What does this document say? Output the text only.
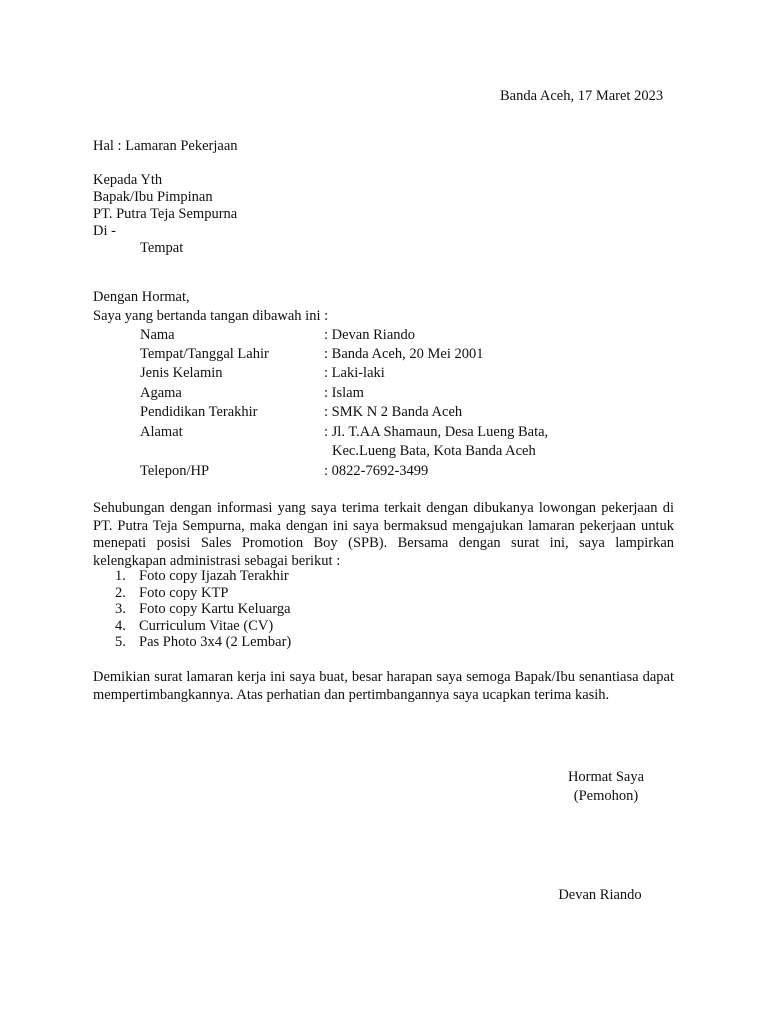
Banda Aceh, 17 Maret 2023
Hal : Lamaran Pekerjaan
Kepada Yth
Bapak/Ibu Pimpinan
PT. Putra Teja Sempurna
Di -
Tempat
Dengan Hormat,
Saya yang bertanda tangan dibawah ini :
Nama	: Devan Riando
Tempat/Tanggal Lahir	: Banda Aceh, 20 Mei 2001
Jenis Kelamin	: Laki-laki
Agama	: Islam
Pendidikan Terakhir	: SMK N 2 Banda Aceh
Alamat	: Jl. T.AA Shamaun, Desa Lueng Bata,
Kec.Lueng Bata, Kota Banda Aceh
Telepon/HP	: 0822-7692-3499

Sehubungan dengan informasi yang saya terima terkait dengan dibukanya lowongan pekerjaan di PT. Putra Teja Sempurna, maka dengan ini saya bermaksud mengajukan lamaran pekerjaan untuk menepati posisi Sales Promotion Boy (SPB). Bersama dengan surat ini, saya lampirkan kelengkapan administrasi sebagai berikut :

1. Foto copy Ijazah Terakhir
2. Foto copy KTP
3. Foto copy Kartu Keluarga
4. Curriculum Vitae (CV)
5. Pas Photo 3x4 (2 Lembar)

Demikian surat lamaran kerja ini saya buat, besar harapan saya semoga Bapak/Ibu senantiasa dapat mempertimbangkannya. Atas perhatian dan pertimbangannya saya ucapkan terima kasih.

Hormat Saya
(Pemohon)
Devan Riando
